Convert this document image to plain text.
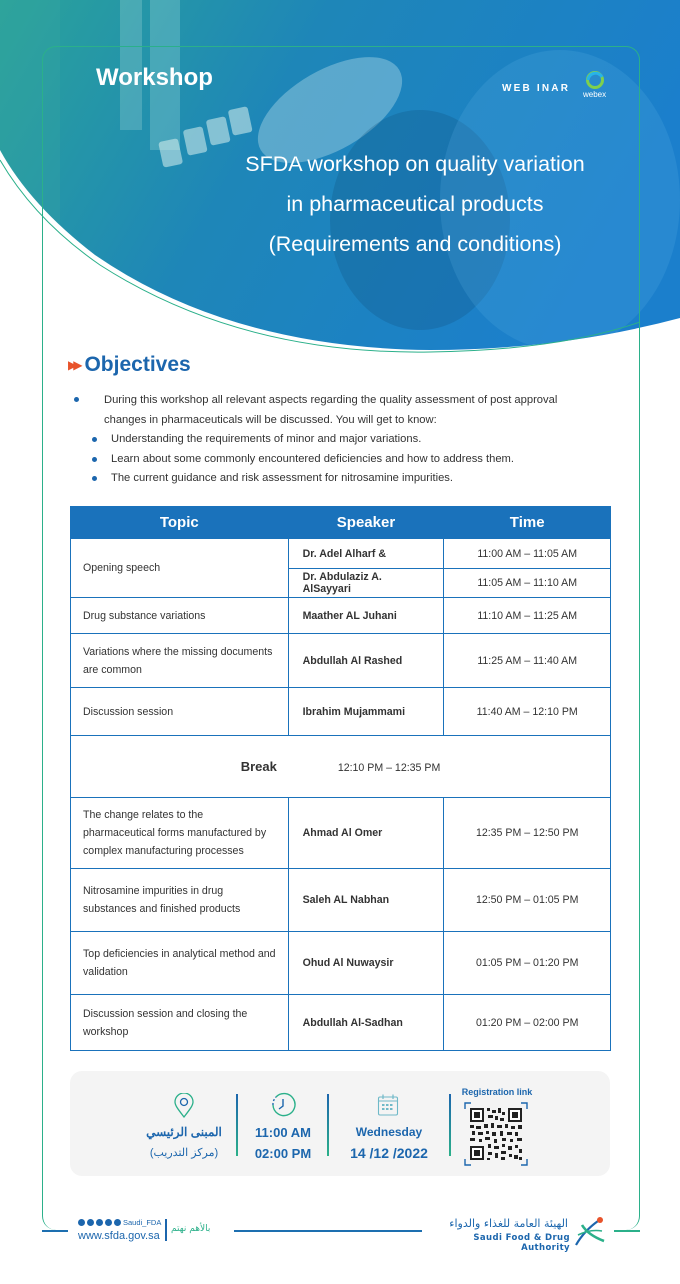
Workshop	WEB INAR
webex
SFDA workshop on quality variation
in pharmaceutical products
(Requirements and conditions)
▶▶ Objectives
During this workshop all relevant aspects regarding the quality assessment of post approval changes in pharmaceuticals will be discussed. You will get to know:
Understanding the requirements of minor and major variations.
Learn about some commonly encountered deficiencies and how to address them.
The current guidance and risk assessment for nitrosamine impurities.
Topic	Speaker	Time
Opening speech	Dr. Adel Alharf &	11:00 AM – 11:05 AM
	Dr. Abdulaziz A. AlSayyari	11:05 AM – 11:10 AM
Drug substance variations	Maather AL Juhani	11:10 AM – 11:25 AM
Variations where the missing documents are common	Abdullah Al Rashed	11:25 AM – 11:40 AM
Discussion session	Ibrahim Mujammami	11:40 AM – 12:10 PM
Break 12:10 PM – 12:35 PM		
The change relates to the pharmaceutical forms manufactured by complex manufacturing processes	Ahmad Al Omer	12:35 PM – 12:50 PM
Nitrosamine impurities in drug substances and finished products	Saleh AL Nabhan	12:50 PM – 01:05 PM
Top deficiencies in analytical method and validation	Ohud Al Nuwaysir	01:05 PM – 01:20 PM
Discussion session and closing the workshop	Abdullah Al-Sadhan	01:20 PM – 02:00 PM
المبنى الرئيسي
(مركز التدريب)
11:00 AM
02:00 PM
Wednesday
14 /12 /2022
Registration link
Saudi_FDA
www.sfda.gov.sa
بالأهم نهتم	الهيئة العامة للغذاء والدواء
Saudi Food & Drug Authority
